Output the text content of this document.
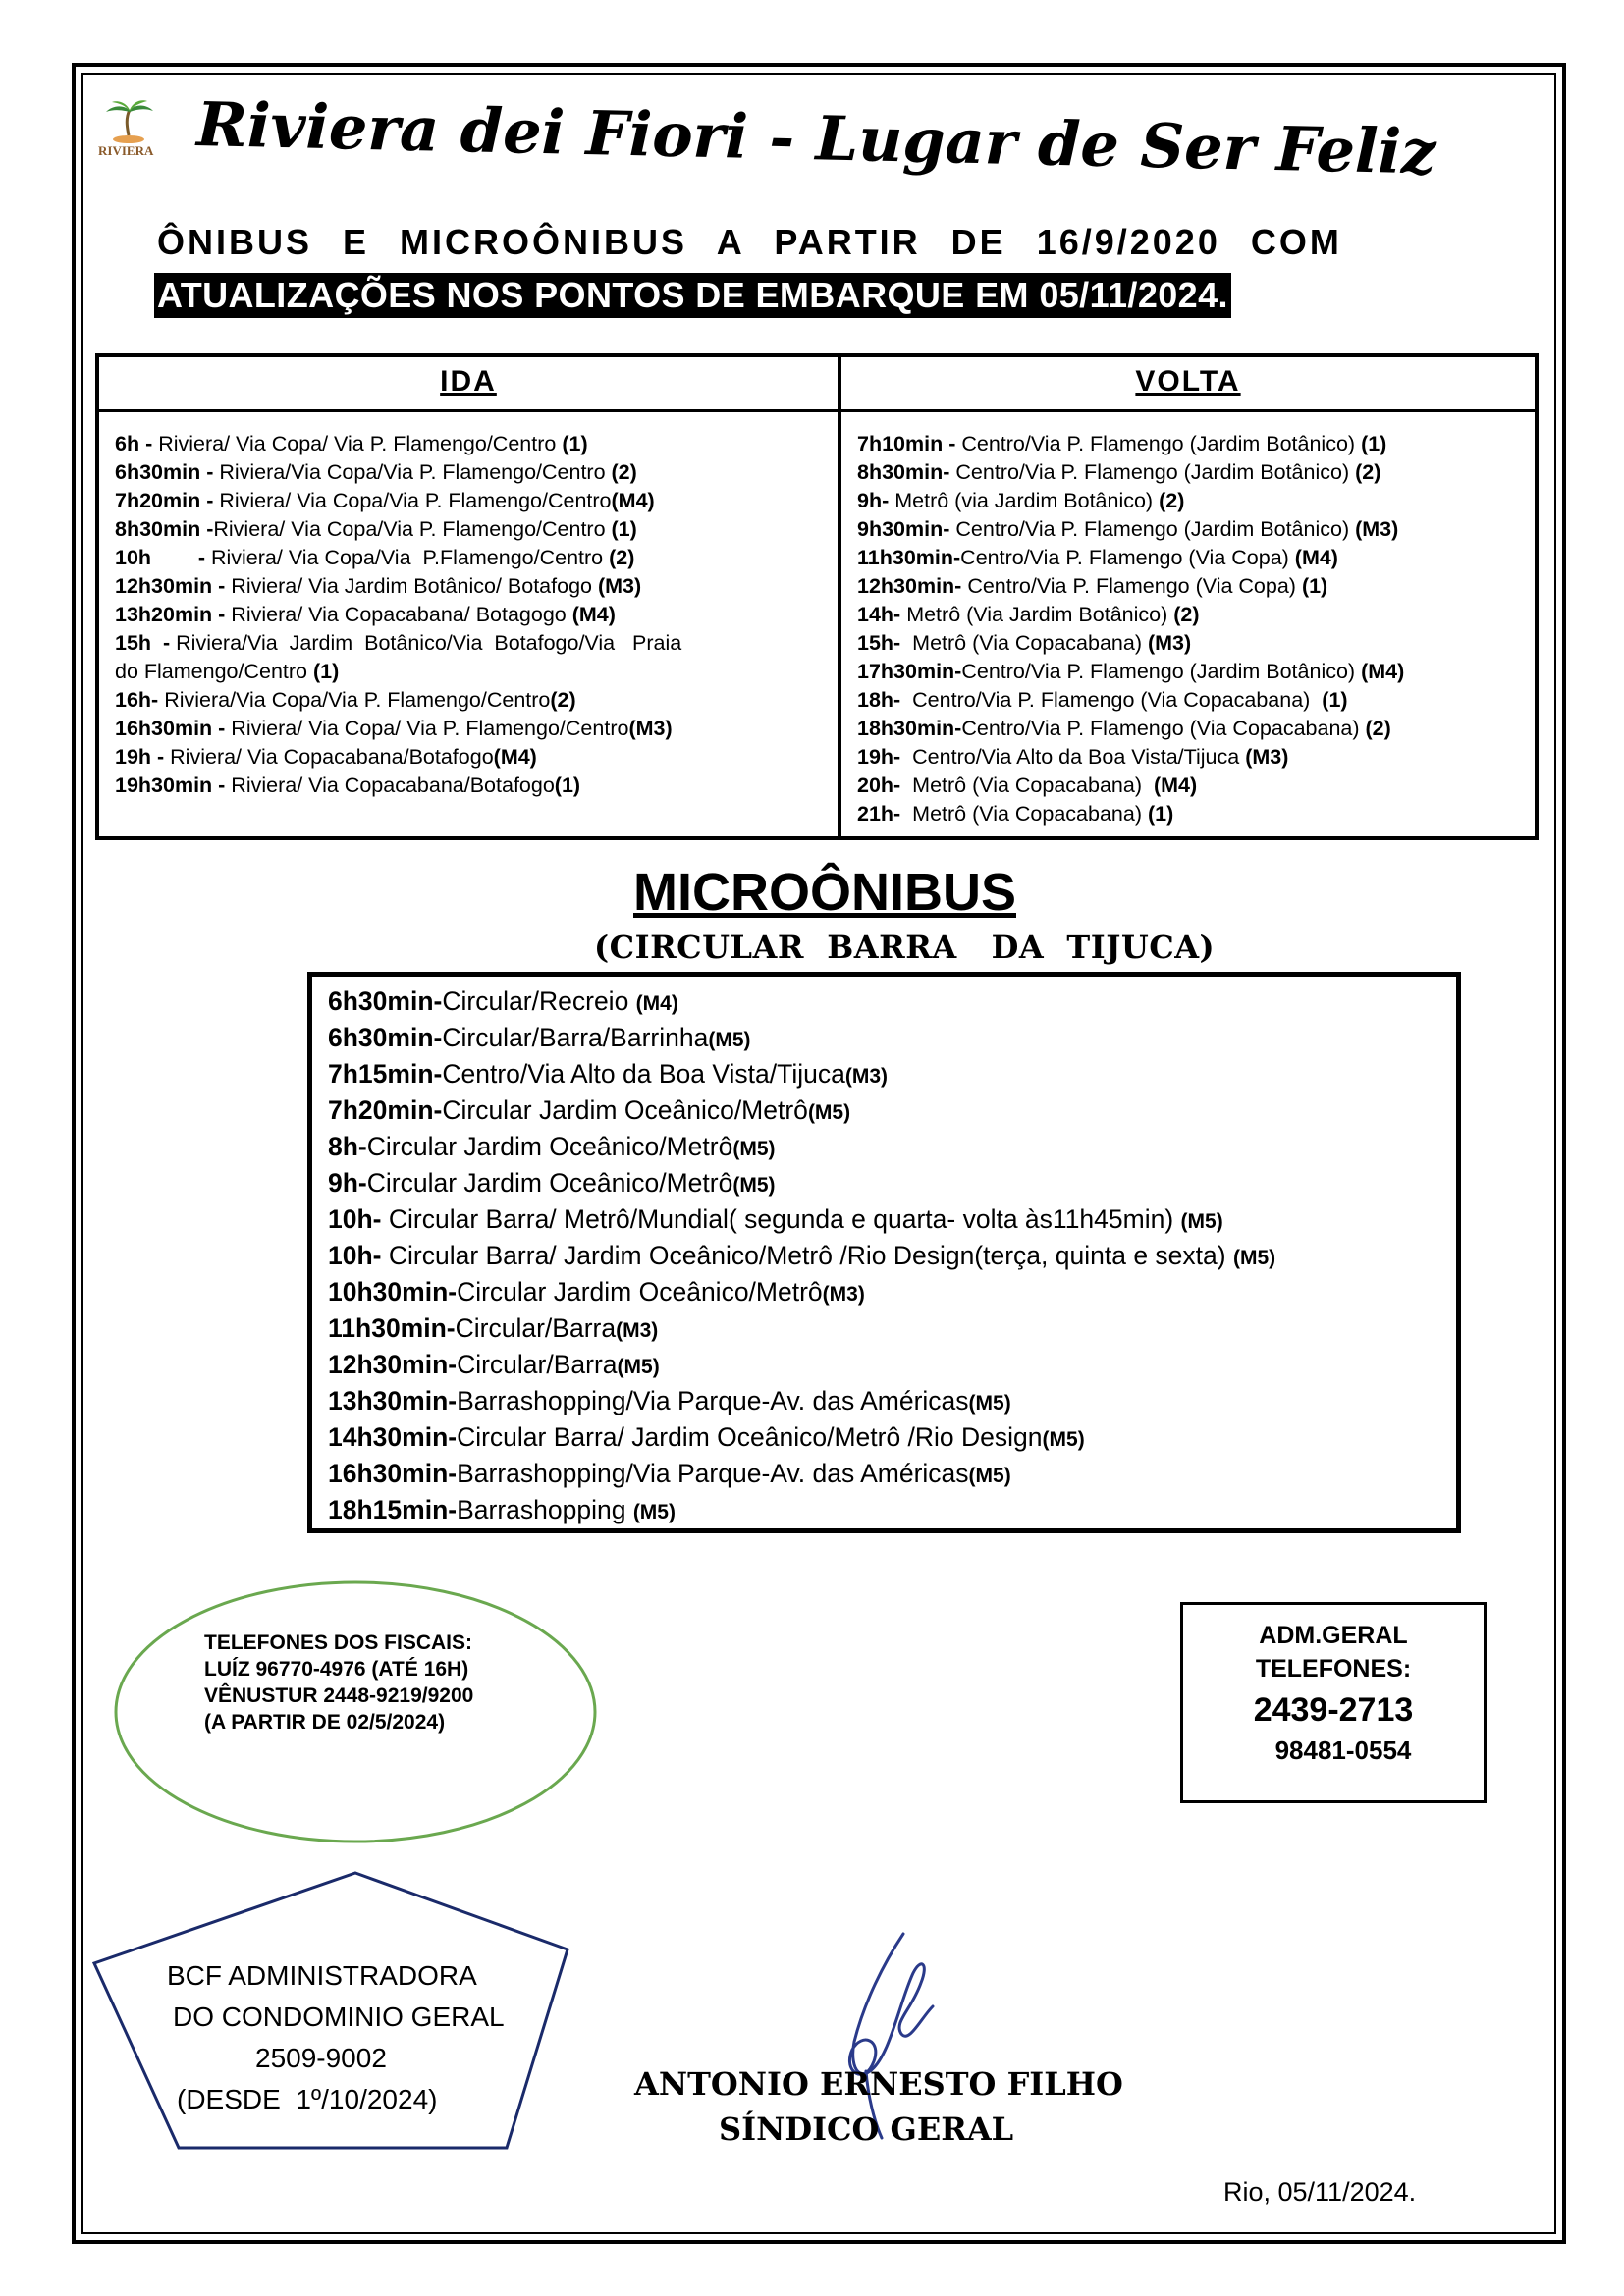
RIVIERA Riviera dei Fiori - Lugar de Ser Feliz
ÔNIBUS E MICROÔNIBUS A PARTIR DE 16/9/2020 COM
ATUALIZAÇÕES NOS PONTOS DE EMBARQUE EM 05/11/2024.
IDA	VOLTA
6h - Riviera/ Via Copa/ Via P. Flamengo/Centro (1)
6h30min - Riviera/Via Copa/Via P. Flamengo/Centro (2)
7h20min - Riviera/ Via Copa/Via P. Flamengo/Centro(M4)
8h30min -Riviera/ Via Copa/Via P. Flamengo/Centro (1)
10h        - Riviera/ Via Copa/Via  P.Flamengo/Centro (2)
12h30min - Riviera/ Via Jardim Botânico/ Botafogo (M3)
13h20min - Riviera/ Via Copacabana/ Botagogo (M4)
15h  - Riviera/Via  Jardim  Botânico/Via  Botafogo/Via   Praia
do Flamengo/Centro (1)
16h- Riviera/Via Copa/Via P. Flamengo/Centro(2)
16h30min - Riviera/ Via Copa/ Via P. Flamengo/Centro(M3)
19h - Riviera/ Via Copacabana/Botafogo(M4)
19h30min - Riviera/ Via Copacabana/Botafogo(1)
7h10min - Centro/Via P. Flamengo (Jardim Botânico) (1)
8h30min- Centro/Via P. Flamengo (Jardim Botânico) (2)
9h- Metrô (via Jardim Botânico) (2)
9h30min- Centro/Via P. Flamengo (Jardim Botânico) (M3)
11h30min-Centro/Via P. Flamengo (Via Copa) (M4)
12h30min- Centro/Via P. Flamengo (Via Copa) (1)
14h- Metrô (Via Jardim Botânico) (2)
15h-  Metrô (Via Copacabana) (M3)
17h30min-Centro/Via P. Flamengo (Jardim Botânico) (M4)
18h-  Centro/Via P. Flamengo (Via Copacabana)  (1)
18h30min-Centro/Via P. Flamengo (Via Copacabana) (2)
19h-  Centro/Via Alto da Boa Vista/Tijuca (M3)
20h-  Metrô (Via Copacabana)  (M4)
21h-  Metrô (Via Copacabana) (1)
MICROÔNIBUS
(CIRCULAR  BARRA   DA  TIJUCA)
6h30min-Circular/Recreio (M4)
6h30min-Circular/Barra/Barrinha(M5)
7h15min-Centro/Via Alto da Boa Vista/Tijuca(M3)
7h20min-Circular Jardim Oceânico/Metrô(M5)
8h-Circular Jardim Oceânico/Metrô(M5)
9h-Circular Jardim Oceânico/Metrô(M5)
10h- Circular Barra/ Metrô/Mundial( segunda e quarta- volta às11h45min) (M5)
10h- Circular Barra/ Jardim Oceânico/Metrô /Rio Design(terça, quinta e sexta) (M5)
10h30min-Circular Jardim Oceânico/Metrô(M3)
11h30min-Circular/Barra(M3)
12h30min-Circular/Barra(M5)
13h30min-Barrashopping/Via Parque-Av. das Américas(M5)
14h30min-Circular Barra/ Jardim Oceânico/Metrô /Rio Design(M5)
16h30min-Barrashopping/Via Parque-Av. das Américas(M5)
18h15min-Barrashopping (M5)
TELEFONES DOS FISCAIS:
LUÍZ 96770-4976 (ATÉ 16H)
VÊNUSTUR 2448-9219/9200
(A PARTIR DE 02/5/2024)
ADM.GERAL
TELEFONES:
2439-2713
98481-0554
BCF ADMINISTRADORA
DO CONDOMINIO GERAL
2509-9002
(DESDE  1º/10/2024)	ANTONIO ERNESTO FILHO
SÍNDICO GERAL
Rio, 05/11/2024.
